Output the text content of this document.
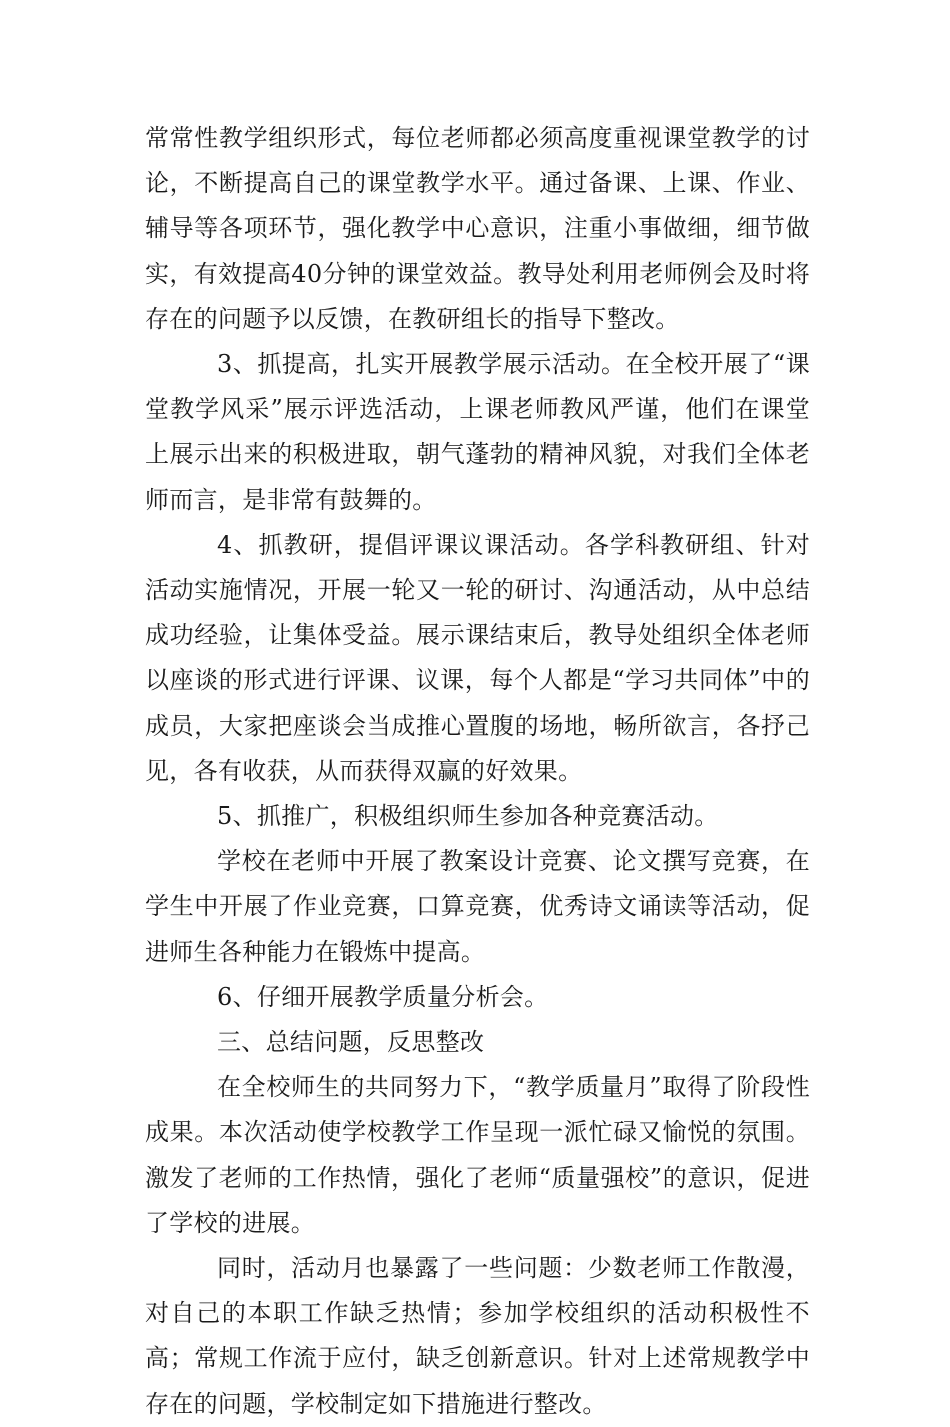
常常性教学组织形式，每位老师都必须高度重视课堂教学的讨论，不断提高自己的课堂教学水平。通过备课、上课、作业、辅导等各项环节，强化教学中心意识，注重小事做细，细节做实，有效提高40分钟的课堂效益。教导处利用老师例会及时将存在的问题予以反馈，在教研组长的指导下整改。

3、抓提高，扎实开展教学展示活动。在全校开展了“课堂教学风采”展示评选活动，上课老师教风严谨，他们在课堂上展示出来的积极进取，朝气蓬勃的精神风貌，对我们全体老师而言，是非常有鼓舞的。

4、抓教研，提倡评课议课活动。各学科教研组、针对活动实施情况，开展一轮又一轮的研讨、沟通活动，从中总结成功经验，让集体受益。展示课结束后，教导处组织全体老师以座谈的形式进行评课、议课，每个人都是“学习共同体”中的成员，大家把座谈会当成推心置腹的场地，畅所欲言，各抒己见，各有收获，从而获得双赢的好效果。

5、抓推广，积极组织师生参加各种竞赛活动。

学校在老师中开展了教案设计竞赛、论文撰写竞赛，在学生中开展了作业竞赛，口算竞赛，优秀诗文诵读等活动，促进师生各种能力在锻炼中提高。

6、仔细开展教学质量分析会。

三、总结问题，反思整改

在全校师生的共同努力下，“教学质量月”取得了阶段性成果。本次活动使学校教学工作呈现一派忙碌又愉悦的氛围。激发了老师的工作热情，强化了老师“质量强校”的意识，促进了学校的进展。

同时，活动月也暴露了一些问题：少数老师工作散漫，对自己的本职工作缺乏热情；参加学校组织的活动积极性不高；常规工作流于应付，缺乏创新意识。针对上述常规教学中存在的问题，学校制定如下措施进行整改。
